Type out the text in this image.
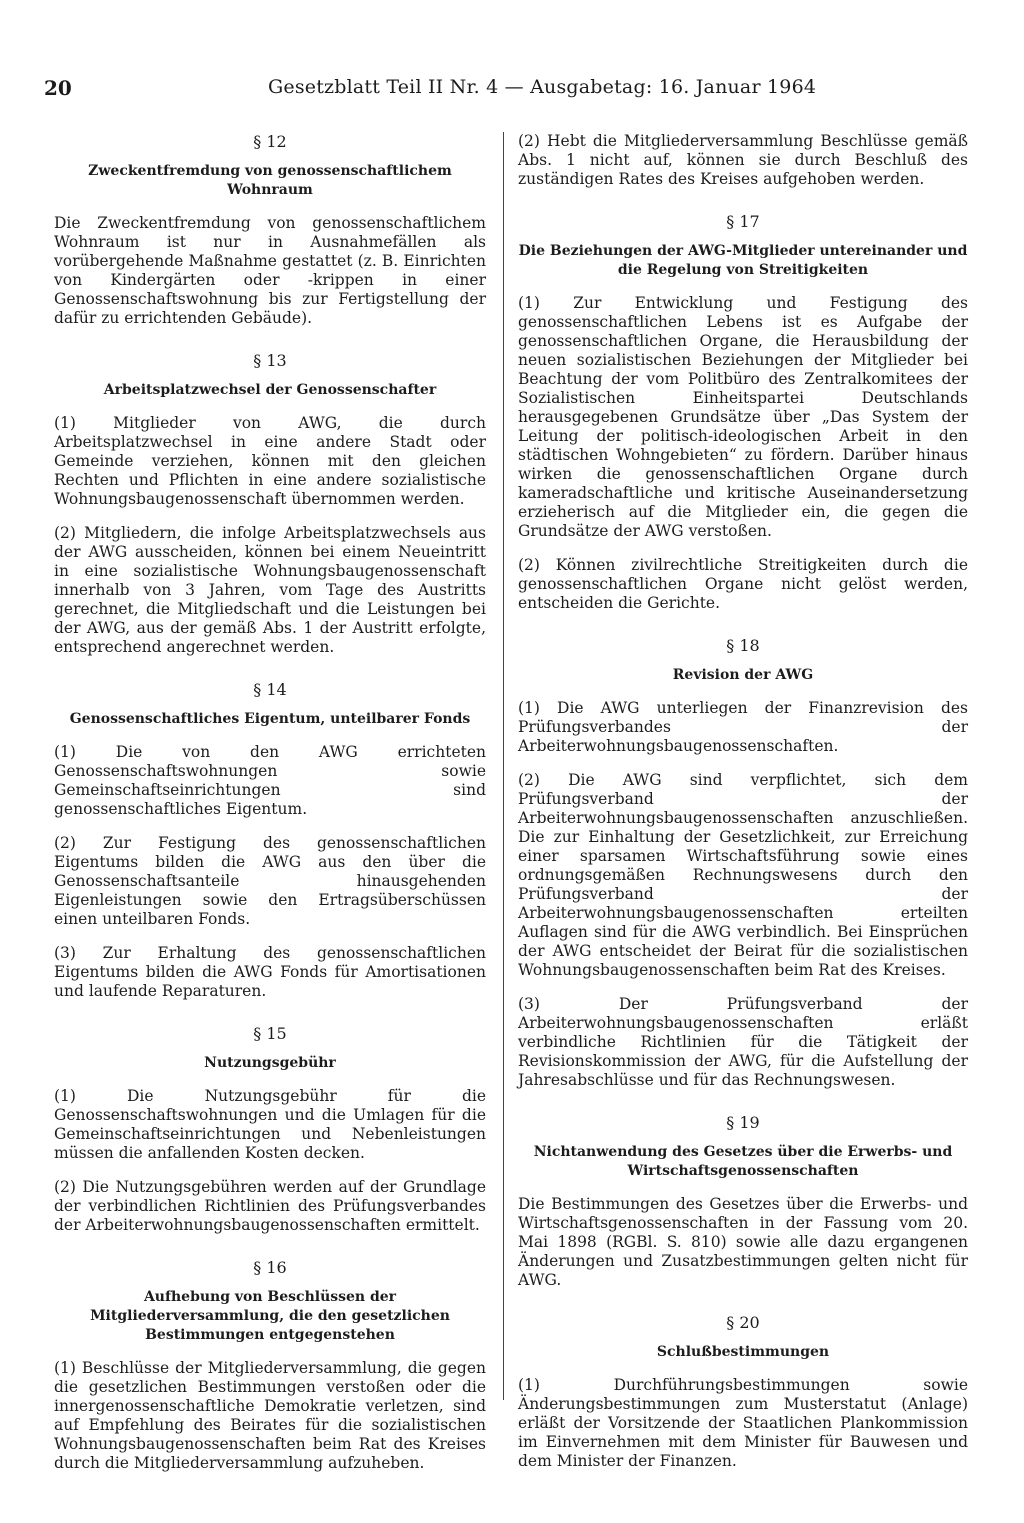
20	Gesetzblatt Teil II Nr. 4 — Ausgabetag: 16. Januar 1964
§ 12
Zweckentfremdung von genossenschaftlichem Wohnraum

Die Zweckentfremdung von genossenschaftlichem Wohnraum ist nur in Ausnahmefällen als vorübergehende Maßnahme gestattet (z. B. Einrichten von Kindergärten oder -krippen in einer Genossenschaftswohnung bis zur Fertigstellung der dafür zu errichtenden Gebäude).

§ 13
Arbeitsplatzwechsel der Genossenschafter

(1) Mitglieder von AWG, die durch Arbeitsplatzwechsel in eine andere Stadt oder Gemeinde verziehen, können mit den gleichen Rechten und Pflichten in eine andere sozialistische Wohnungsbaugenossenschaft übernommen werden.

(2) Mitgliedern, die infolge Arbeitsplatzwechsels aus der AWG ausscheiden, können bei einem Neueintritt in eine sozialistische Wohnungsbaugenossenschaft innerhalb von 3 Jahren, vom Tage des Austritts gerechnet, die Mitgliedschaft und die Leistungen bei der AWG, aus der gemäß Abs. 1 der Austritt erfolgte, entsprechend angerechnet werden.

§ 14
Genossenschaftliches Eigentum, unteilbarer Fonds

(1) Die von den AWG errichteten Genossenschaftswohnungen sowie Gemeinschaftseinrichtungen sind genossenschaftliches Eigentum.

(2) Zur Festigung des genossenschaftlichen Eigentums bilden die AWG aus den über die Genossenschaftsanteile hinausgehenden Eigenleistungen sowie den Ertragsüberschüssen einen unteilbaren Fonds.

(3) Zur Erhaltung des genossenschaftlichen Eigentums bilden die AWG Fonds für Amortisationen und laufende Reparaturen.

§ 15
Nutzungsgebühr

(1) Die Nutzungsgebühr für die Genossenschaftswohnungen und die Umlagen für die Gemeinschaftseinrichtungen und Nebenleistungen müssen die anfallenden Kosten decken.

(2) Die Nutzungsgebühren werden auf der Grundlage der verbindlichen Richtlinien des Prüfungsverbandes der Arbeiterwohnungsbaugenossenschaften ermittelt.

§ 16
Aufhebung von Beschlüssen der Mitgliederversammlung, die den gesetzlichen Bestimmungen entgegenstehen

(1) Beschlüsse der Mitgliederversammlung, die gegen die gesetzlichen Bestimmungen verstoßen oder die innergenossenschaftliche Demokratie verletzen, sind auf Empfehlung des Beirates für die sozialistischen Wohnungsbaugenossenschaften beim Rat des Kreises durch die Mitgliederversammlung aufzuheben.

(2) Hebt die Mitgliederversammlung Beschlüsse gemäß Abs. 1 nicht auf, können sie durch Beschluß des zuständigen Rates des Kreises aufgehoben werden.

§ 17
Die Beziehungen der AWG-Mitglieder untereinander und die Regelung von Streitigkeiten

(1) Zur Entwicklung und Festigung des genossenschaftlichen Lebens ist es Aufgabe der genossenschaftlichen Organe, die Herausbildung der neuen sozialistischen Beziehungen der Mitglieder bei Beachtung der vom Politbüro des Zentralkomitees der Sozialistischen Einheitspartei Deutschlands herausgegebenen Grundsätze über „Das System der Leitung der politisch-ideologischen Arbeit in den städtischen Wohngebieten“ zu fördern. Darüber hinaus wirken die genossenschaftlichen Organe durch kameradschaftliche und kritische Auseinandersetzung erzieherisch auf die Mitglieder ein, die gegen die Grundsätze der AWG verstoßen.

(2) Können zivilrechtliche Streitigkeiten durch die genossenschaftlichen Organe nicht gelöst werden, entscheiden die Gerichte.

§ 18
Revision der AWG

(1) Die AWG unterliegen der Finanzrevision des Prüfungsverbandes der Arbeiterwohnungsbaugenossenschaften.

(2) Die AWG sind verpflichtet, sich dem Prüfungsverband der Arbeiterwohnungsbaugenossenschaften anzuschließen. Die zur Einhaltung der Gesetzlichkeit, zur Erreichung einer sparsamen Wirtschaftsführung sowie eines ordnungsgemäßen Rechnungswesens durch den Prüfungsverband der Arbeiterwohnungsbaugenossenschaften erteilten Auflagen sind für die AWG verbindlich. Bei Einsprüchen der AWG entscheidet der Beirat für die sozialistischen Wohnungsbaugenossenschaften beim Rat des Kreises.

(3) Der Prüfungsverband der Arbeiterwohnungsbaugenossenschaften erläßt verbindliche Richtlinien für die Tätigkeit der Revisionskommission der AWG, für die Aufstellung der Jahresabschlüsse und für das Rechnungswesen.

§ 19
Nichtanwendung des Gesetzes über die Erwerbs- und Wirtschaftsgenossenschaften

Die Bestimmungen des Gesetzes über die Erwerbs- und Wirtschaftsgenossenschaften in der Fassung vom 20. Mai 1898 (RGBl. S. 810) sowie alle dazu ergangenen Änderungen und Zusatzbestimmungen gelten nicht für AWG.

§ 20
Schlußbestimmungen

(1) Durchführungsbestimmungen sowie Änderungsbestimmungen zum Musterstatut (Anlage) erläßt der Vorsitzende der Staatlichen Plankommission im Einvernehmen mit dem Minister für Bauwesen und dem Minister der Finanzen.
